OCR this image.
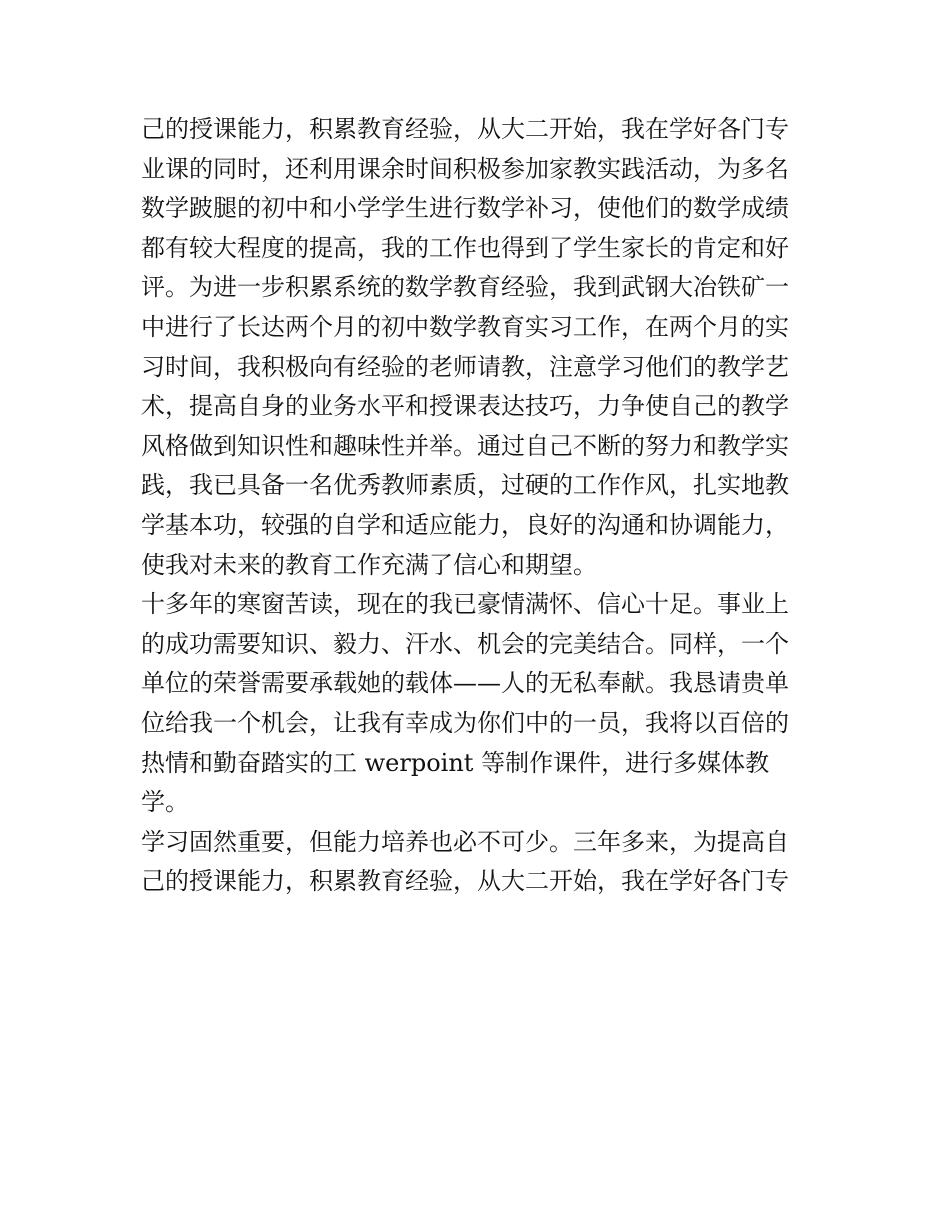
己的授课能力，积累教育经验，从大二开始，我在学好各门专
业课的同时，还利用课余时间积极参加家教实践活动，为多名
数学跛腿的初中和小学学生进行数学补习，使他们的数学成绩
都有较大程度的提高，我的工作也得到了学生家长的肯定和好
评。为进一步积累系统的数学教育经验，我到武钢大冶铁矿一
中进行了长达两个月的初中数学教育实习工作，在两个月的实
习时间，我积极向有经验的老师请教，注意学习他们的教学艺
术，提高自身的业务水平和授课表达技巧，力争使自己的教学
风格做到知识性和趣味性并举。通过自己不断的努力和教学实
践，我已具备一名优秀教师素质，过硬的工作作风，扎实地教
学基本功，较强的自学和适应能力，良好的沟通和协调能力，
使我对未来的教育工作充满了信心和期望。
十多年的寒窗苦读，现在的我已豪情满怀、信心十足。事业上
的成功需要知识、毅力、汗水、机会的完美结合。同样，一个
单位的荣誉需要承载她的载体——人的无私奉献。我恳请贵单
位给我一个机会，让我有幸成为你们中的一员，我将以百倍的
热情和勤奋踏实的工 werpoint 等制作课件，进行多媒体教
学。
学习固然重要，但能力培养也必不可少。三年多来，为提高自
己的授课能力，积累教育经验，从大二开始，我在学好各门专
